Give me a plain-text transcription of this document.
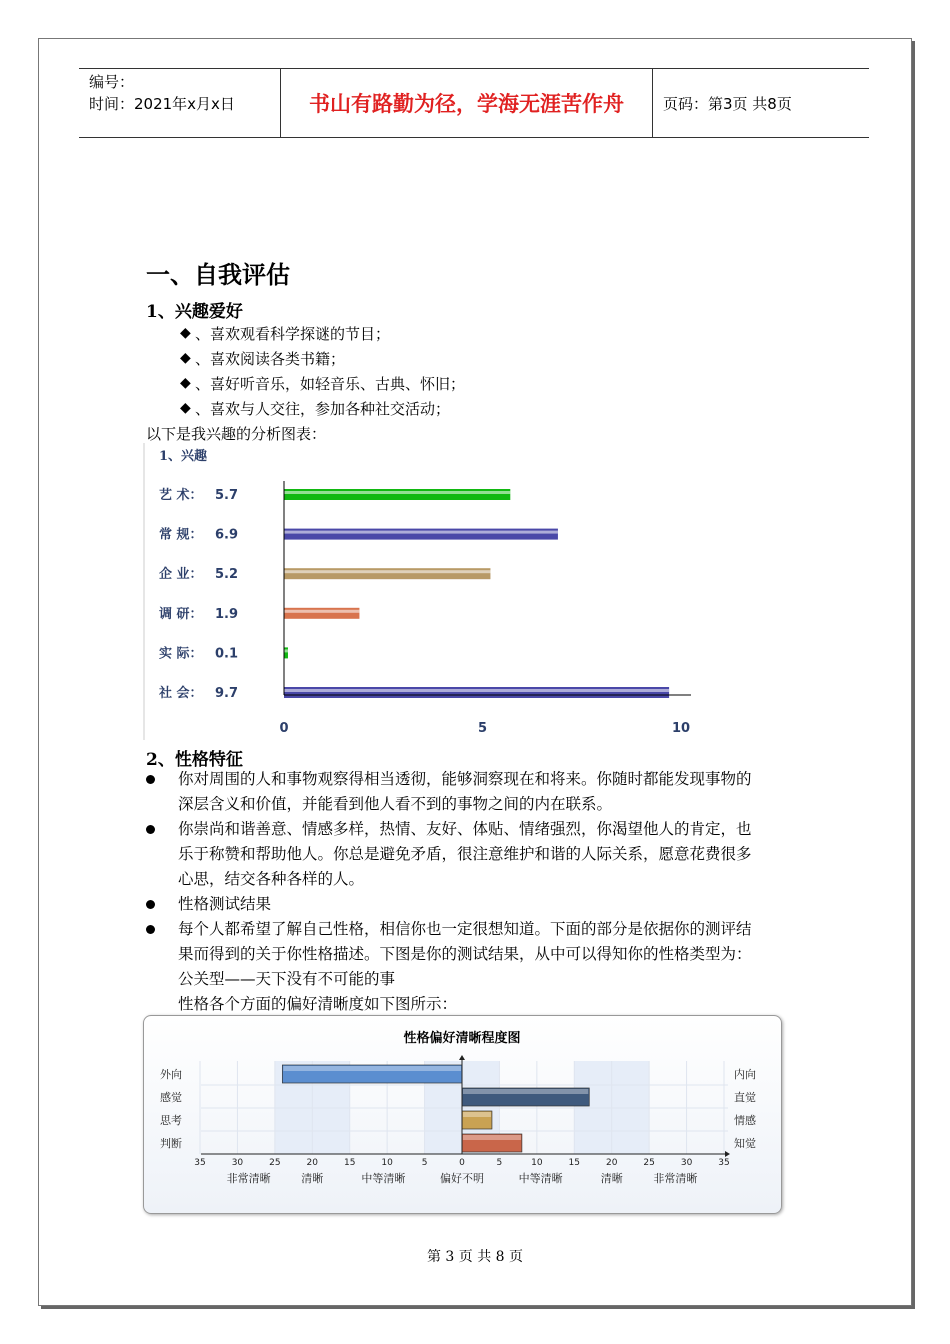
编号：
时间：2021年x月x日	书山有路勤为径，学海无涯苦作舟	页码：第3页 共8页
一、自我评估
1、兴趣爱好
◆ 、喜欢观看科学探谜的节目；
◆ 、喜欢阅读各类书籍；
◆ 、喜好听音乐，如轻音乐、古典、怀旧；
◆ 、喜欢与人交往，参加各种社交活动；
以下是我兴趣的分析图表：
1、兴趣
艺 术： 5.7
常 规： 6.9
企 业： 5.2
调 研： 1.9
实 际： 0.1
社 会： 9.7
0	5	10
2、性格特征
你对周围的人和事物观察得相当透彻，能够洞察现在和将来。你随时都能发现事物的
深层含义和价值，并能看到他人看不到的事物之间的内在联系。
你崇尚和谐善意、情感多样，热情、友好、体贴、情绪强烈，你渴望他人的肯定，也
乐于称赞和帮助他人。你总是避免矛盾，很注意维护和谐的人际关系，愿意花费很多
心思，结交各种各样的人。
性格测试结果
每个人都希望了解自己性格，相信你也一定很想知道。下面的部分是依据你的测评结
果而得到的关于你性格描述。下图是你的测试结果，从中可以得知你的性格类型为：
公关型——天下没有不可能的事
性格各个方面的偏好清晰度如下图所示：
性格偏好清晰程度图
外向
感觉
思考
判断
内向
直觉
情感
知觉
35	30	25	20	15	10	5	0	5	10	15	20	25	30	35
非常清晰	清晰	中等清晰	偏好不明	中等清晰	清晰	非常清晰
第 3 页 共 8 页
